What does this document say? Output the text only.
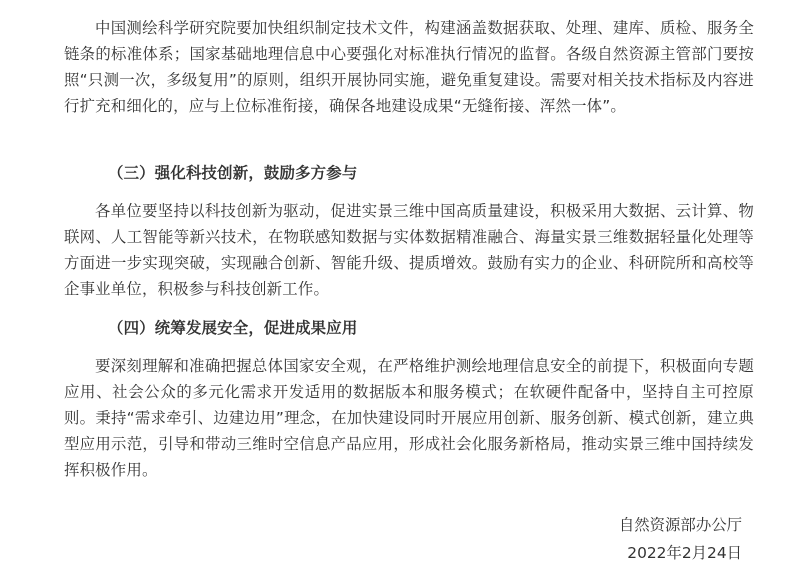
中国测绘科学研究院要加快组织制定技术文件，构建涵盖数据获取、处理、建库、质检、服务全链条的标准体系；国家基础地理信息中心要强化对标准执行情况的监督。各级自然资源主管部门要按照“只测一次，多级复用”的原则，组织开展协同实施，避免重复建设。需要对相关技术指标及内容进行扩充和细化的，应与上位标准衔接，确保各地建设成果“无缝衔接、浑然一体”。

（三）强化科技创新，鼓励多方参与

各单位要坚持以科技创新为驱动，促进实景三维中国高质量建设，积极采用大数据、云计算、物联网、人工智能等新兴技术，在物联感知数据与实体数据精准融合、海量实景三维数据轻量化处理等方面进一步实现突破，实现融合创新、智能升级、提质增效。鼓励有实力的企业、科研院所和高校等企事业单位，积极参与科技创新工作。

（四）统筹发展安全，促进成果应用

要深刻理解和准确把握总体国家安全观，在严格维护测绘地理信息安全的前提下，积极面向专题应用、社会公众的多元化需求开发适用的数据版本和服务模式；在软硬件配备中，坚持自主可控原则。秉持“需求牵引、边建边用”理念，在加快建设同时开展应用创新、服务创新、模式创新，建立典型应用示范，引导和带动三维时空信息产品应用，形成社会化服务新格局，推动实景三维中国持续发挥积极作用。

自然资源部办公厅

2022年2月24日
